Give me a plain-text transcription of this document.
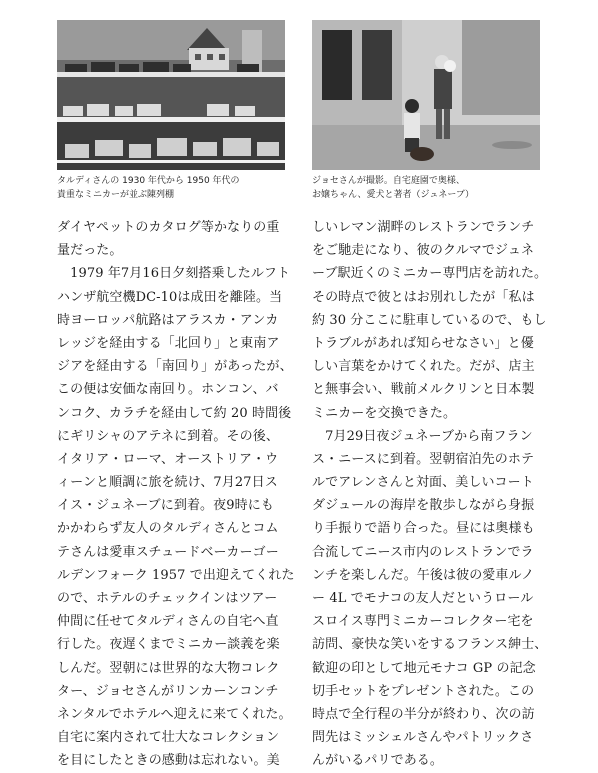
タルディさんの 1930 年代から 1950 年代の
貴重なミニカーが並ぶ陳列棚
ジョセさんが撮影。自宅庭園で奥様、
お嬢ちゃん、愛犬と著者（ジュネーブ）
ダイヤペットのカタログ等かなりの重
量だった。
　1979 年7月16日夕刻搭乗したルフト
ハンザ航空機DC-10は成田を離陸。当
時ヨーロッパ航路はアラスカ・アンカ
レッジを経由する「北回り」と東南ア
ジアを経由する「南回り」があったが、
この便は安価な南回り。ホンコン、バ
ンコク、カラチを経由して約 20 時間後
にギリシャのアテネに到着。その後、
イタリア・ローマ、オーストリア・ウ
ィーンと順調に旅を続け、7月27日ス
イス・ジュネーブに到着。夜9時にも
かかわらず友人のタルディさんとコム
テさんは愛車スチュードベーカーゴー
ルデンフォーク 1957 で出迎えてくれた
ので、ホテルのチェックインはツアー
仲間に任せてタルディさんの自宅へ直
行した。夜遅くまでミニカー談義を楽
しんだ。翌朝には世界的な大物コレク
ター、ジョセさんがリンカーンコンチ
ネンタルでホテルへ迎えに来てくれた。
自宅に案内されて壮大なコレクション
を目にしたときの感動は忘れない。美
しいレマン湖畔のレストランでランチ
をご馳走になり、彼のクルマでジュネ
ーブ駅近くのミニカー専門店を訪れた。
その時点で彼とはお別れしたが「私は
約 30 分ここに駐車しているので、もし
トラブルがあれば知らせなさい」と優
しい言葉をかけてくれた。だが、店主
と無事会い、戦前メルクリンと日本製
ミニカーを交換できた。
　7月29日夜ジュネーブから南フラン
ス・ニースに到着。翌朝宿泊先のホテ
ルでアレンさんと対面、美しいコート
ダジュールの海岸を散歩しながら身振
り手振りで語り合った。昼には奥様も
合流してニース市内のレストランでラ
ンチを楽しんだ。午後は彼の愛車ルノ
ー 4L でモナコの友人だというロール
スロイス専門ミニカーコレクター宅を
訪問、豪快な笑いをするフランス紳士、
歓迎の印として地元モナコ GP の記念
切手セットをプレゼントされた。この
時点で全行程の半分が終わり、次の訪
問先はミッシェルさんやパトリックさ
んがいるパリである。
